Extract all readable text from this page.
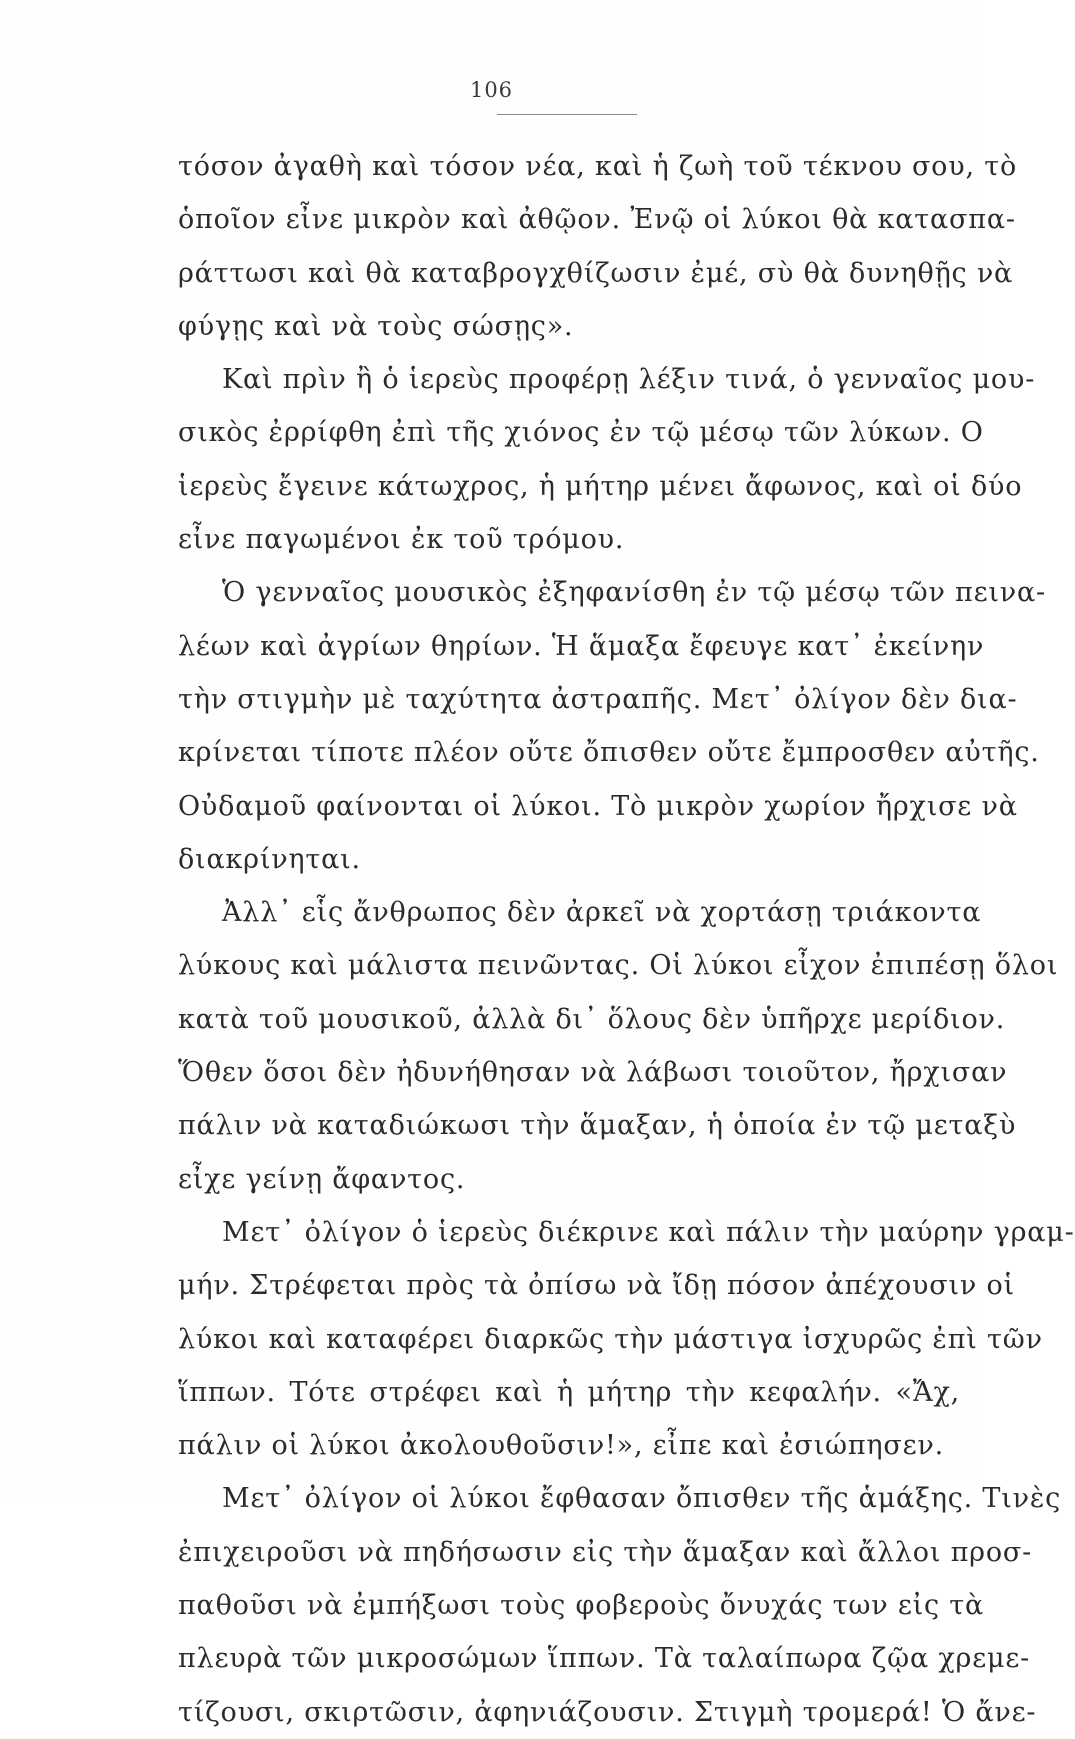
106
τόσον ἀγαθὴ καὶ τόσον νέα, καὶ ἡ ζωὴ τοῦ τέκνου σου, τὸ
ὁποῖον εἶνε μικρὸν καὶ ἀθῷον. Ἐνῷ οἱ λύκοι θὰ κατασπα-
ράττωσι καὶ θὰ καταβρογχθίζωσιν ἐμέ, σὺ θὰ δυνηθῇς νὰ
φύγῃς καὶ νὰ τοὺς σώσῃς».
Καὶ πρὶν ἢ ὁ ἱερεὺς προφέρῃ λέξιν τινά, ὁ γενναῖος μου-
σικὸς ἐρρίφθη ἐπὶ τῆς χιόνος ἐν τῷ μέσῳ τῶν λύκων. Ο
ἱερεὺς ἔγεινε κάτωχρος, ἡ μήτηρ μένει ἄφωνος, καὶ οἱ δύο
εἶνε παγωμένοι ἐκ τοῦ τρόμου.
Ὁ γενναῖος μουσικὸς ἐξηφανίσθη ἐν τῷ μέσῳ τῶν πεινα-
λέων καὶ ἀγρίων θηρίων. Ἡ ἅμαξα ἔφευγε κατ᾽ ἐκείνην
τὴν στιγμὴν μὲ ταχύτητα ἀστραπῆς. Μετ᾽ ὀλίγον δὲν δια-
κρίνεται τίποτε πλέον οὔτε ὄπισθεν οὔτε ἔμπροσθεν αὐτῆς.
Οὐδαμοῦ φαίνονται οἱ λύκοι. Τὸ μικρὸν χωρίον ἤρχισε νὰ
διακρίνηται.
Ἀλλ᾽ εἷς ἄνθρωπος δὲν ἀρκεῖ νὰ χορτάσῃ τριάκοντα
λύκους καὶ μάλιστα πεινῶντας. Οἱ λύκοι εἶχον ἐπιπέσῃ ὅλοι
κατὰ τοῦ μουσικοῦ, ἀλλὰ δι᾽ ὅλους δὲν ὑπῆρχε μερίδιον.
Ὅθεν ὅσοι δὲν ἠδυνήθησαν νὰ λάβωσι τοιοῦτον, ἤρχισαν
πάλιν νὰ καταδιώκωσι τὴν ἅμαξαν, ἡ ὁποία ἐν τῷ μεταξὺ
εἶχε γείνῃ ἄφαντος.
Μετ᾽ ὀλίγον ὁ ἱερεὺς διέκρινε καὶ πάλιν τὴν μαύρην γραμ-
μήν. Στρέφεται πρὸς τὰ ὀπίσω νὰ ἴδῃ πόσον ἀπέχουσιν οἱ
λύκοι καὶ καταφέρει διαρκῶς τὴν μάστιγα ἰσχυρῶς ἐπὶ τῶν
ἵππων. Τότε στρέφει καὶ ἡ μήτηρ τὴν κεφαλήν. «Ἄχ,
πάλιν οἱ λύκοι ἀκολουθοῦσιν!», εἶπε καὶ ἐσιώπησεν.
Μετ᾽ ὀλίγον οἱ λύκοι ἔφθασαν ὄπισθεν τῆς ἁμάξης. Τινὲς
ἐπιχειροῦσι νὰ πηδήσωσιν εἰς τὴν ἅμαξαν καὶ ἄλλοι προσ-
παθοῦσι νὰ ἐμπήξωσι τοὺς φοβεροὺς ὄνυχάς των εἰς τὰ
πλευρὰ τῶν μικροσώμων ἵππων. Τὰ ταλαίπωρα ζῷα χρεμε-
τίζουσι, σκιρτῶσιν, ἀφηνιάζουσιν. Στιγμὴ τρομερά! Ὁ ἄνε-
